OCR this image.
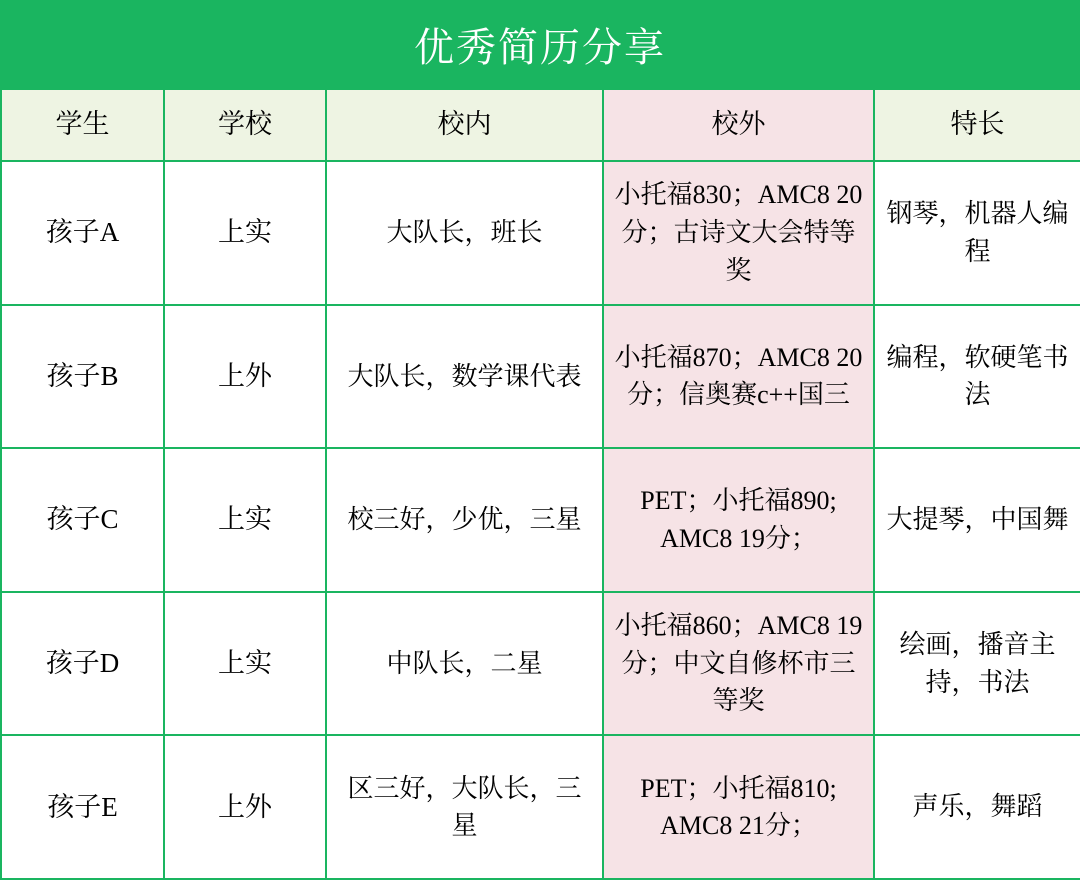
优秀简历分享
学生	学校	校内	校外	特长
孩子A	上实	大队长，班长	小托福830；AMC8 20分；古诗文大会特等奖	钢琴，机器人编程
孩子B	上外	大队长，数学课代表	小托福870；AMC8 20分；信奥赛c++国三	编程，软硬笔书法
孩子C	上实	校三好，少优，三星	PET；小托福890; AMC8 19分；	大提琴，中国舞
孩子D	上实	中队长，二星	小托福860；AMC8 19分；中文自修杯市三等奖	绘画，播音主持，书法
孩子E	上外	区三好，大队长，三星	PET；小托福810; AMC8 21分；	声乐，舞蹈
